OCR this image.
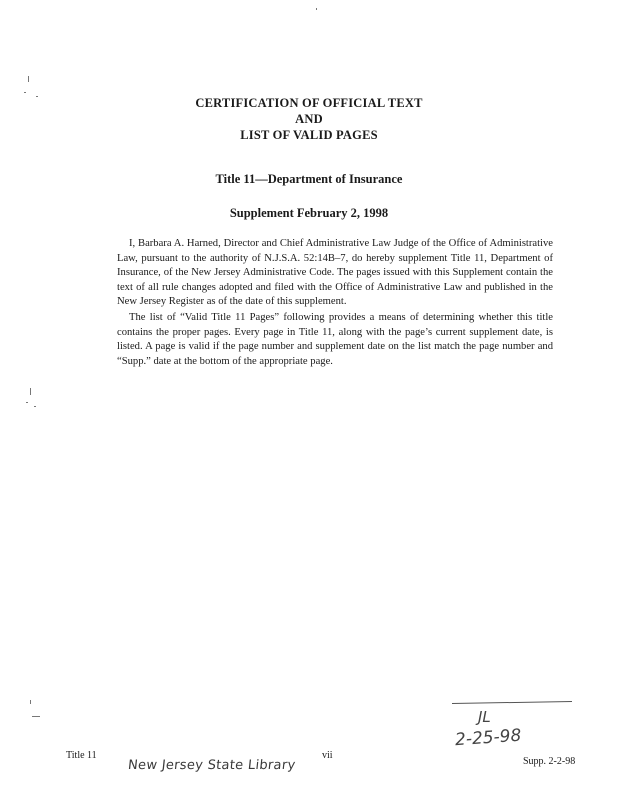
CERTIFICATION OF OFFICIAL TEXT
AND
LIST OF VALID PAGES
Title 11—Department of Insurance
Supplement February 2, 1998

I, Barbara A. Harned, Director and Chief Administrative Law Judge of the Office of Administrative Law, pursuant to the authority of N.J.S.A. 52:14B–7, do hereby supplement Title 11, Department of Insurance, of the New Jersey Administrative Code. The pages issued with this Supplement contain the text of all rule changes adopted and filed with the Office of Administrative Law and published in the New Jersey Register as of the date of this supplement.

The list of “Valid Title 11 Pages” following provides a means of determining whether this title contains the proper pages. Every page in Title 11, along with the page’s current supplement date, is listed. A page is valid if the page number and supplement date on the list match the page number and “Supp.” date at the bottom of the appropriate page.

JL
2-25-98
Title 11
New Jersey State Library
vii
Supp. 2-2-98
